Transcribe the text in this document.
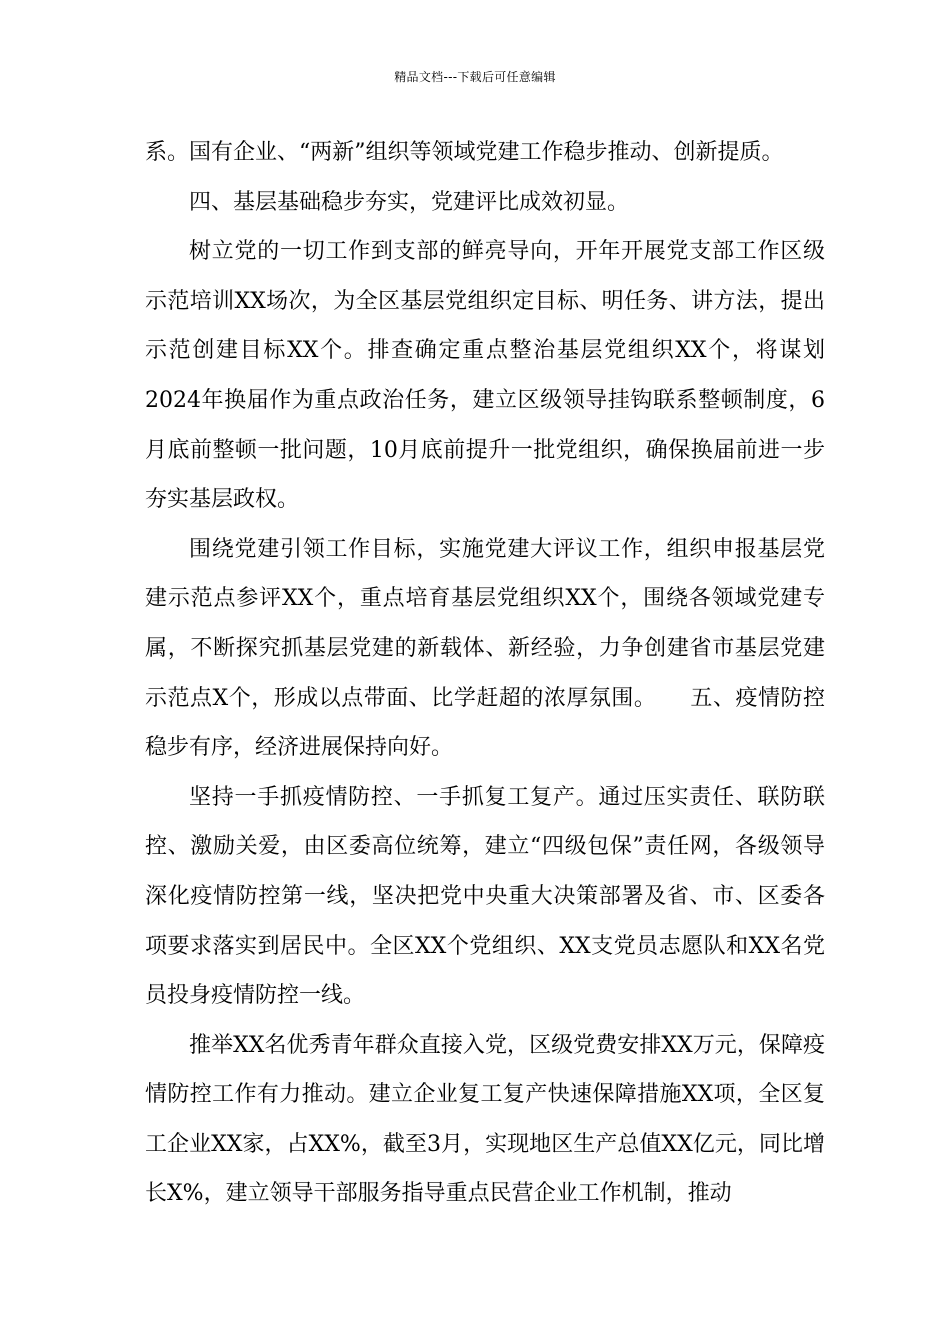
精品文档---下载后可任意编辑

系。国有企业、“两新”组织等领域党建工作稳步推动、创新提质。

四、基层基础稳步夯实，党建评比成效初显。

树立党的一切工作到支部的鲜亮导向，开年开展党支部工作区级示范培训XX场次，为全区基层党组织定目标、明任务、讲方法，提出示范创建目标XX个。排查确定重点整治基层党组织XX个，将谋划2024年换届作为重点政治任务，建立区级领导挂钩联系整顿制度，6月底前整顿一批问题，10月底前提升一批党组织，确保换届前进一步夯实基层政权。

围绕党建引领工作目标，实施党建大评议工作，组织申报基层党建示范点参评XX个，重点培育基层党组织XX个，围绕各领域党建专属，不断探究抓基层党建的新载体、新经验，力争创建省市基层党建示范点X个，形成以点带面、比学赶超的浓厚氛围。　　五、疫情防控稳步有序，经济进展保持向好。

坚持一手抓疫情防控、一手抓复工复产。通过压实责任、联防联控、激励关爱，由区委高位统筹，建立“四级包保”责任网，各级领导深化疫情防控第一线，坚决把党中央重大决策部署及省、市、区委各项要求落实到居民中。全区XX个党组织、XX支党员志愿队和XX名党员投身疫情防控一线。

推举XX名优秀青年群众直接入党，区级党费安排XX万元，保障疫情防控工作有力推动。建立企业复工复产快速保障措施XX项，全区复工企业XX家，占XX%，截至3月，实现地区生产总值XX亿元，同比增长X%，建立领导干部服务指导重点民营企业工作机制，推动
